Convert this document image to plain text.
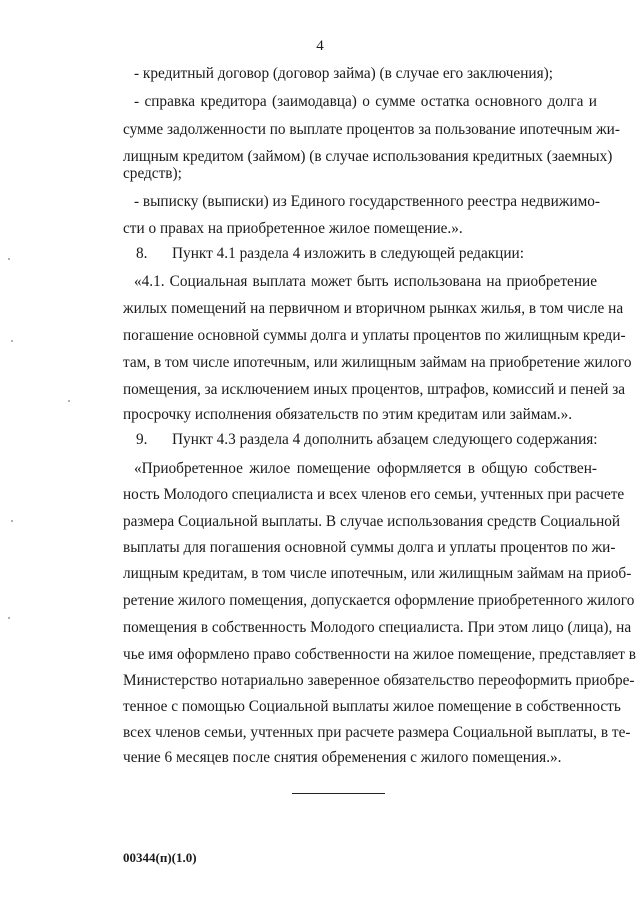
4
- кредитный договор (договор займа) (в случае его заключения);
- справка кредитора (заимодавца) о сумме остатка основного долга и
сумме задолженности по выплате процентов за пользование ипотечным жи-
лищным кредитом (займом) (в случае использования кредитных (заемных)
средств);
- выписку (выписки) из Единого государственного реестра недвижимо-
сти о правах на приобретенное жилое помещение.».
8. Пункт 4.1 раздела 4 изложить в следующей редакции:
«4.1. Социальная выплата может быть использована на приобретение
жилых помещений на первичном и вторичном рынках жилья, в том числе на
погашение основной суммы долга и уплаты процентов по жилищным креди-
там, в том числе ипотечным, или жилищным займам на приобретение жилого
помещения, за исключением иных процентов, штрафов, комиссий и пеней за
просрочку исполнения обязательств по этим кредитам или займам.».
9. Пункт 4.3 раздела 4 дополнить абзацем следующего содержания:
«Приобретенное жилое помещение оформляется в общую собствен-
ность Молодого специалиста и всех членов его семьи, учтенных при расчете
размера Социальной выплаты. В случае использования средств Социальной
выплаты для погашения основной суммы долга и уплаты процентов по жи-
лищным кредитам, в том числе ипотечным, или жилищным займам на приоб-
ретение жилого помещения, допускается оформление приобретенного жилого
помещения в собственность Молодого специалиста. При этом лицо (лица), на
чье имя оформлено право собственности на жилое помещение, представляет в
Министерство нотариально заверенное обязательство переоформить приобре-
тенное с помощью Социальной выплаты жилое помещение в собственность
всех членов семьи, учтенных при расчете размера Социальной выплаты, в те-
чение 6 месяцев после снятия обременения с жилого помещения.».
00344(п)(1.0)
